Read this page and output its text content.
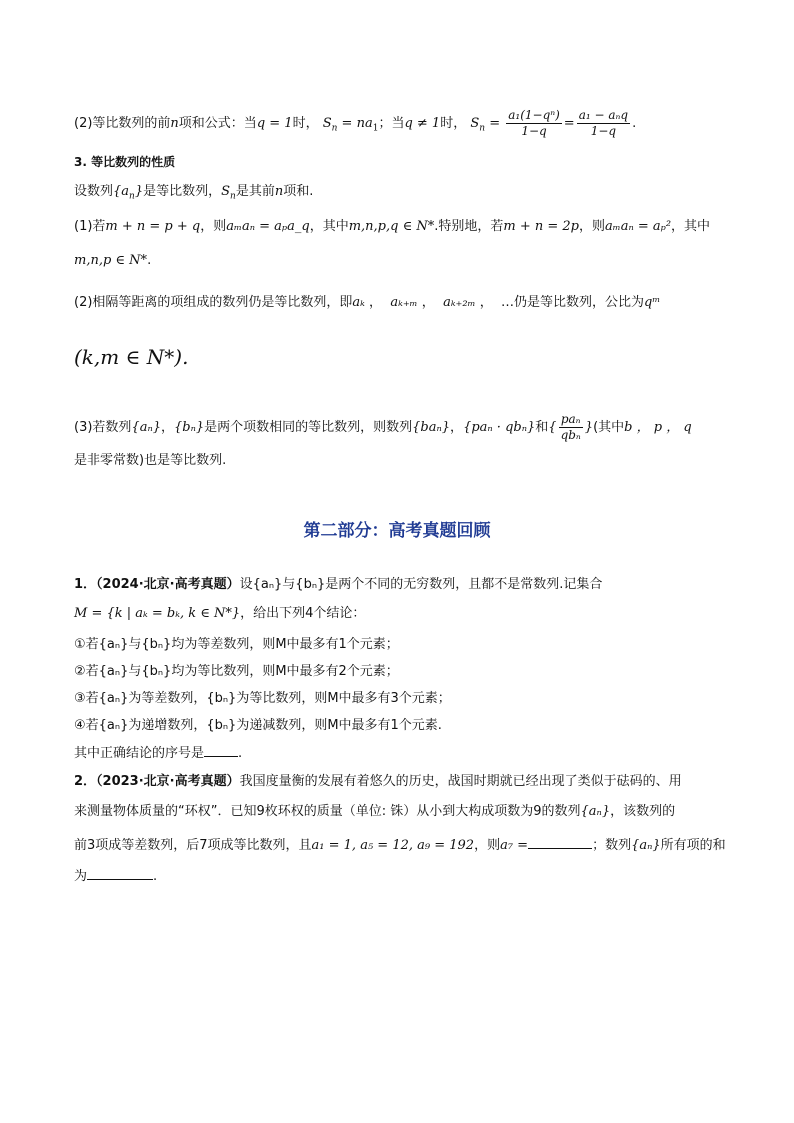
(2)等比数列的前n项和公式：当q = 1时， $S_n = na_1$；当q ≠ 1时， $S_n = \frac{\text{a₁(1−qⁿ)}}{1-q} = \frac{\text{a₁ − aₙq}}{1-q}$ .
3. 等比数列的性质
设数列$\{a_n\}$是等比数列，$S_n$是其前n项和.
(1)若m + n = p + q，则aₘaₙ = aₚa_q，其中m,n,p,q ∈ N*.特别地，若m + n = 2p，则aₘaₙ = aₚ²，其中
m,n,p ∈ N*.
(2)相隔等距离的项组成的数列仍是等比数列，即aₖ ，  aₖ₊ₘ ，  aₖ₊₂ₘ ，  …仍是等比数列，公比为qᵐ
(k,m ∈ N*).
(3)若数列{aₙ}，{bₙ}是两个项数相同的等比数列，则数列{baₙ}，{paₙ · qbₙ}和{ $\frac{\text{paₙ}}{\text{qbₙ}}$ }(其中b ， p ， q
是非零常数)也是等比数列.
第二部分：高考真题回顾
1．（2024·北京·高考真题）设{aₙ}与{bₙ}是两个不同的无穷数列，且都不是常数列.记集合
M = {k | aₖ = bₖ, k ∈ N*}，给出下列4个结论：
①若{aₙ}与{bₙ}均为等差数列，则M中最多有1个元素；
②若{aₙ}与{bₙ}均为等比数列，则M中最多有2个元素；
③若{aₙ}为等差数列，{bₙ}为等比数列，则M中最多有3个元素；
④若{aₙ}为递增数列，{bₙ}为递减数列，则M中最多有1个元素.
其中正确结论的序号是	.
2．（2023·北京·高考真题）我国度量衡的发展有着悠久的历史，战国时期就已经出现了类似于砝码的、用
来测量物体质量的“环权”．已知9枚环权的质量（单位: 铢）从小到大构成项数为9的数列{aₙ}，该数列的
前3项成等差数列，后7项成等比数列，且a₁ = 1, a₅ = 12, a₉ = 192，则a₇ =	；数列{aₙ}所有项的和
为	.
